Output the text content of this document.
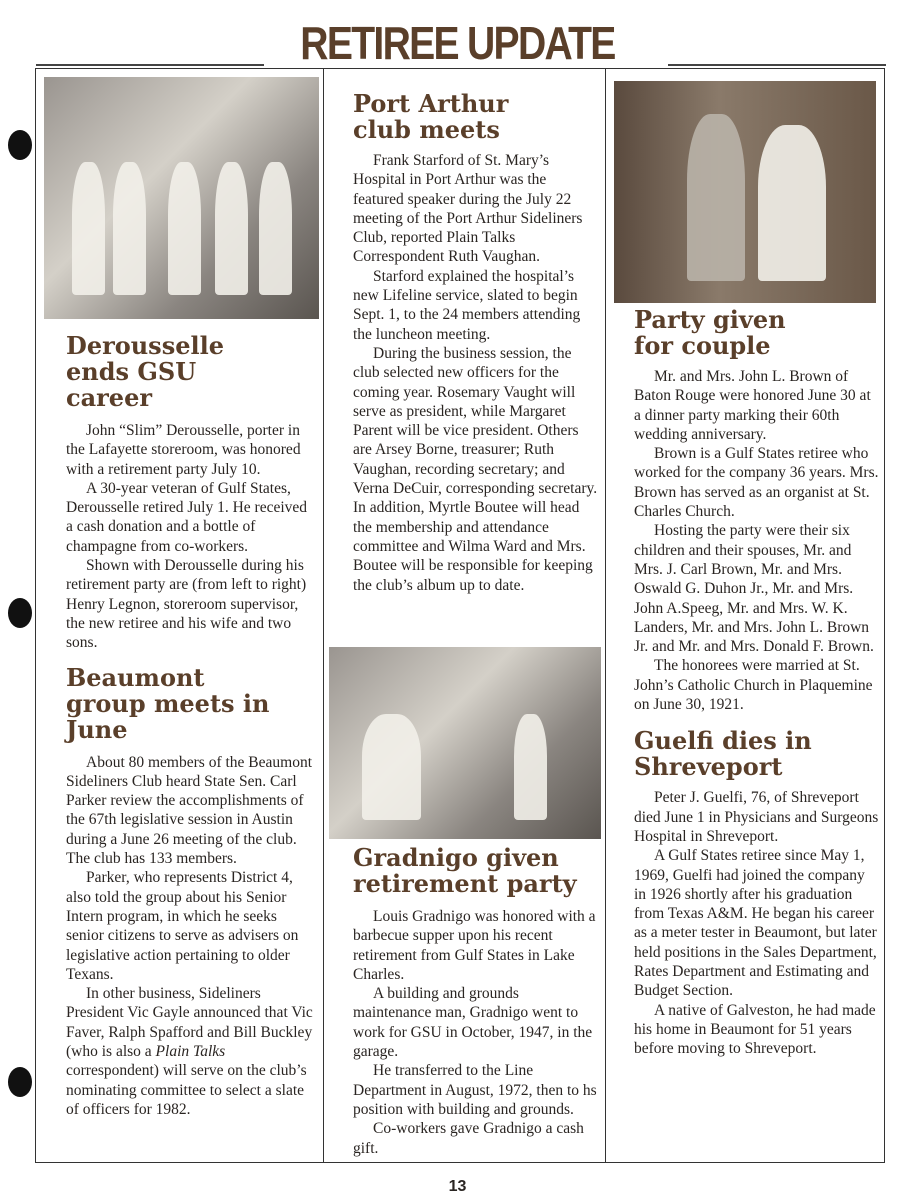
RETIREE UPDATE
Derousselle ends GSU career

John “Slim” Derousselle, porter in the Lafayette storeroom, was honored with a retirement party July 10.

A 30-year veteran of Gulf States, Derousselle retired July 1. He received a cash donation and a bottle of champagne from co-workers.

Shown with Derousselle during his retirement party are (from left to right) Henry Legnon, storeroom supervisor, the new retiree and his wife and two sons.

Beaumont group meets in June

About 80 members of the Beaumont Sideliners Club heard State Sen. Carl Parker review the accomplishments of the 67th legislative session in Austin during a June 26 meeting of the club. The club has 133 members.

Parker, who represents District 4, also told the group about his Senior Intern program, in which he seeks senior citizens to serve as advisers on legislative action pertaining to older Texans.

In other business, Sideliners President Vic Gayle announced that Vic Faver, Ralph Spafford and Bill Buckley (who is also a Plain Talks correspondent) will serve on the club’s nominating committee to select a slate of officers for 1982.

Port Arthur club meets

Frank Starford of St. Mary’s Hospital in Port Arthur was the featured speaker during the July 22 meeting of the Port Arthur Sideliners Club, reported Plain Talks Correspondent Ruth Vaughan.

Starford explained the hospital’s new Lifeline service, slated to begin Sept. 1, to the 24 members attending the luncheon meeting.

During the business session, the club selected new officers for the coming year. Rosemary Vaught will serve as president, while Margaret Parent will be vice president. Others are Arsey Borne, treasurer; Ruth Vaughan, recording secretary; and Verna DeCuir, corresponding secretary. In addition, Myrtle Boutee will head the membership and attendance committee and Wilma Ward and Mrs. Boutee will be responsible for keeping the club’s album up to date.

Gradnigo given retirement party

Louis Gradnigo was honored with a barbecue supper upon his recent retirement from Gulf States in Lake Charles.

A building and grounds maintenance man, Gradnigo went to work for GSU in October, 1947, in the garage.

He transferred to the Line Department in August, 1972, then to hs position with building and grounds.

Co-workers gave Gradnigo a cash gift.

Party given for couple

Mr. and Mrs. John L. Brown of Baton Rouge were honored June 30 at a dinner party marking their 60th wedding anniversary.

Brown is a Gulf States retiree who worked for the company 36 years. Mrs. Brown has served as an organist at St. Charles Church.

Hosting the party were their six children and their spouses, Mr. and Mrs. J. Carl Brown, Mr. and Mrs. Oswald G. Duhon Jr., Mr. and Mrs. John A.Speeg, Mr. and Mrs. W. K. Landers, Mr. and Mrs. John L. Brown Jr. and Mr. and Mrs. Donald F. Brown.

The honorees were married at St. John’s Catholic Church in Plaquemine on June 30, 1921.

Guelfi dies in Shreveport

Peter J. Guelfi, 76, of Shreveport died June 1 in Physicians and Surgeons Hospital in Shreveport.

A Gulf States retiree since May 1, 1969, Guelfi had joined the company in 1926 shortly after his graduation from Texas A&M. He began his career as a meter tester in Beaumont, but later held positions in the Sales Department, Rates Department and Estimating and Budget Section.

A native of Galveston, he had made his home in Beaumont for 51 years before moving to Shreveport.

13
